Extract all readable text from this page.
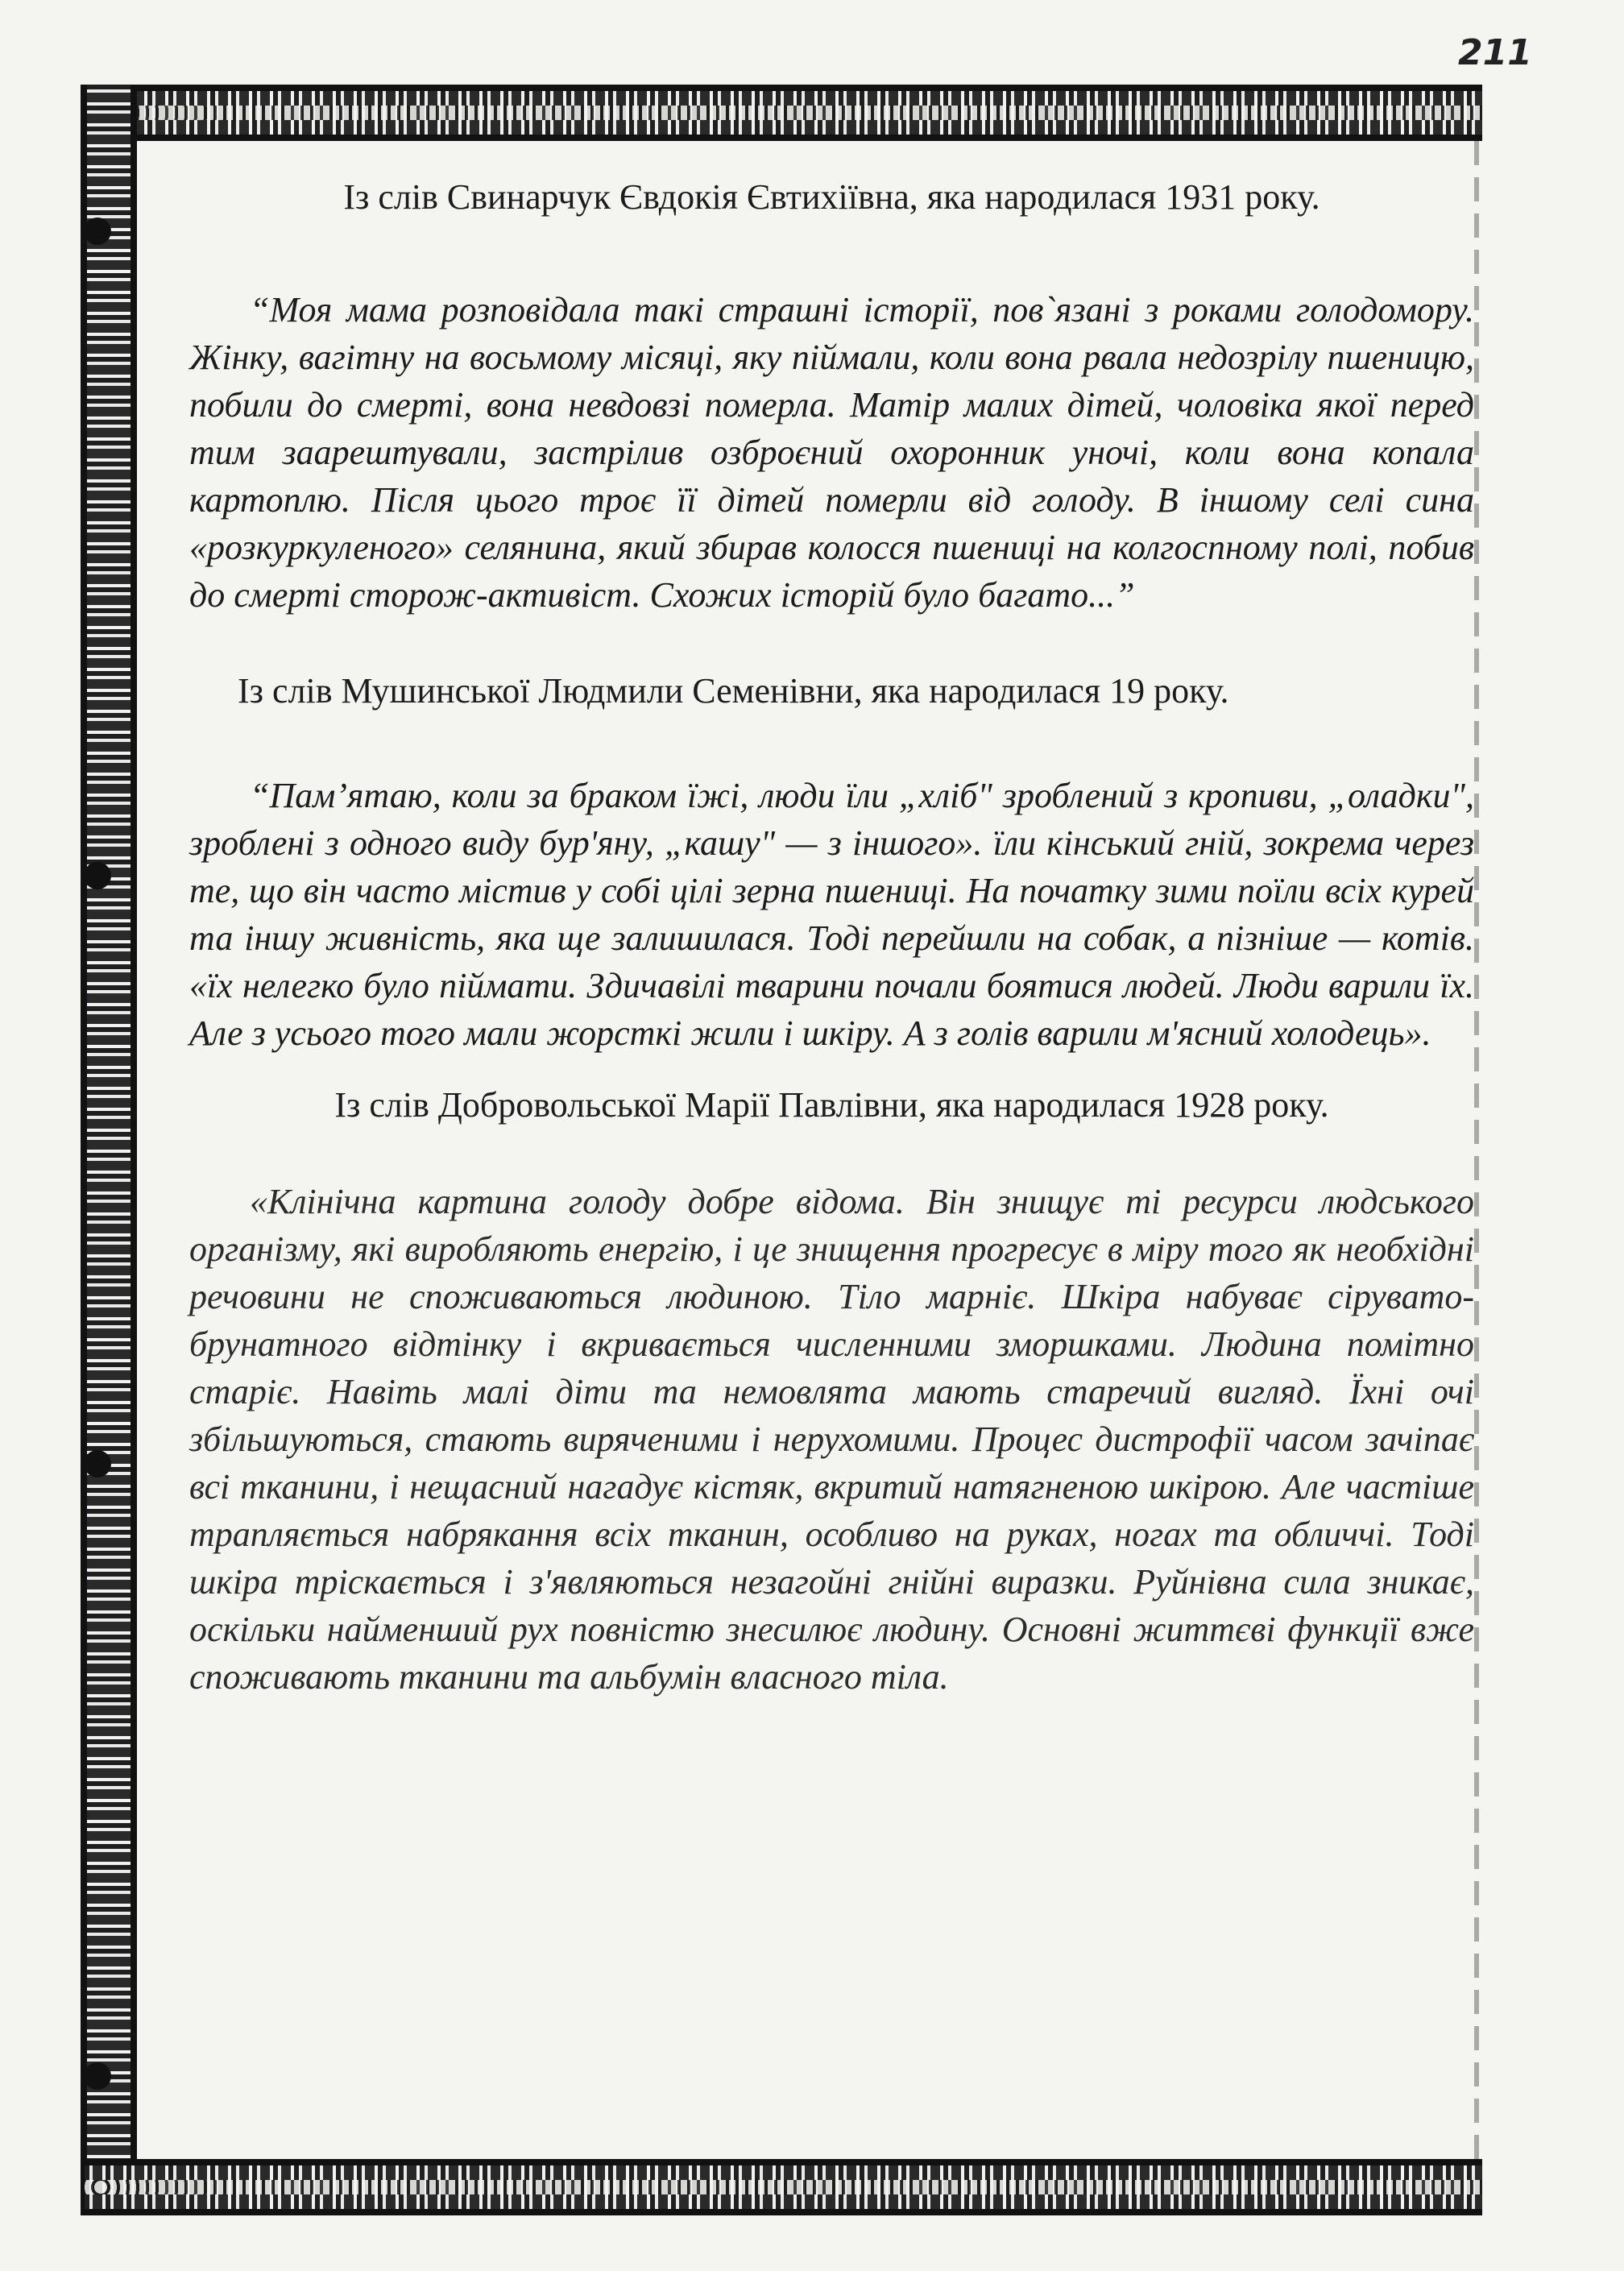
211

Із слів Свинарчук Євдокія Євтихіївна, яка народилася 1931 року.

“Моя мама розповідала такі страшні історії, пов`язані з роками голодомору. Жінку, вагітну на восьмому місяці, яку піймали, коли вона рвала недозрілу пшеницю, побили до смерті, вона невдовзі померла. Матір малих дітей, чоловіка якої перед тим заарештували, застрілив озброєний охоронник уночі, коли вона копала картоплю. Після цього троє її дітей померли від голоду. В іншому селі сина «розкуркуленого» селянина, який збирав колосся пшениці на колгоспному полі, побив до смерті сторож-активіст. Схожих історій було багато...”

Із слів Мушинської Людмили Семенівни, яка народилася 19 року.

“Пам’ятаю, коли за браком їжі, люди їли „хліб" зроблений з кропиви, „оладки", зроблені з одного виду бур'яну, „кашу" — з іншого». їли кінський гній, зокрема через те, що він часто містив у собі цілі зерна пшениці. На початку зими поїли всіх курей та іншу живність, яка ще залишилася. Тоді перейшли на собак, а пізніше — котів. «їх нелегко було піймати. Здичавілі тварини почали боятися людей. Люди варили їх. Але з усього того мали жорсткі жили і шкіру. А з голів варили м'ясний холодець».

Із слів Добровольської Марії Павлівни, яка народилася 1928 року.

«Клінічна картина голоду добре відома. Він знищує ті ресурси людського організму, які виробляють енергію, і це знищення прогресує в міру того як необхідні речовини не споживаються людиною. Тіло марніє. Шкіра набуває сірувато-брунатного відтінку і вкривається численними зморшками. Людина помітно старіє. Навіть малі діти та немовлята мають старечий вигляд. Їхні очі збільшуються, стають виряченими і нерухомими. Процес дистрофії часом зачіпає всі тканини, і нещасний нагадує кістяк, вкритий натягненою шкірою. Але частіше трапляється набрякання всіх тканин, особливо на руках, ногах та обличчі. Тоді шкіра тріскається і з'являються незагойні гнійні виразки. Руйнівна сила зникає, оскільки найменший рух повністю знесилює людину. Основні життєві функції вже споживають тканини та альбумін власного тіла.
